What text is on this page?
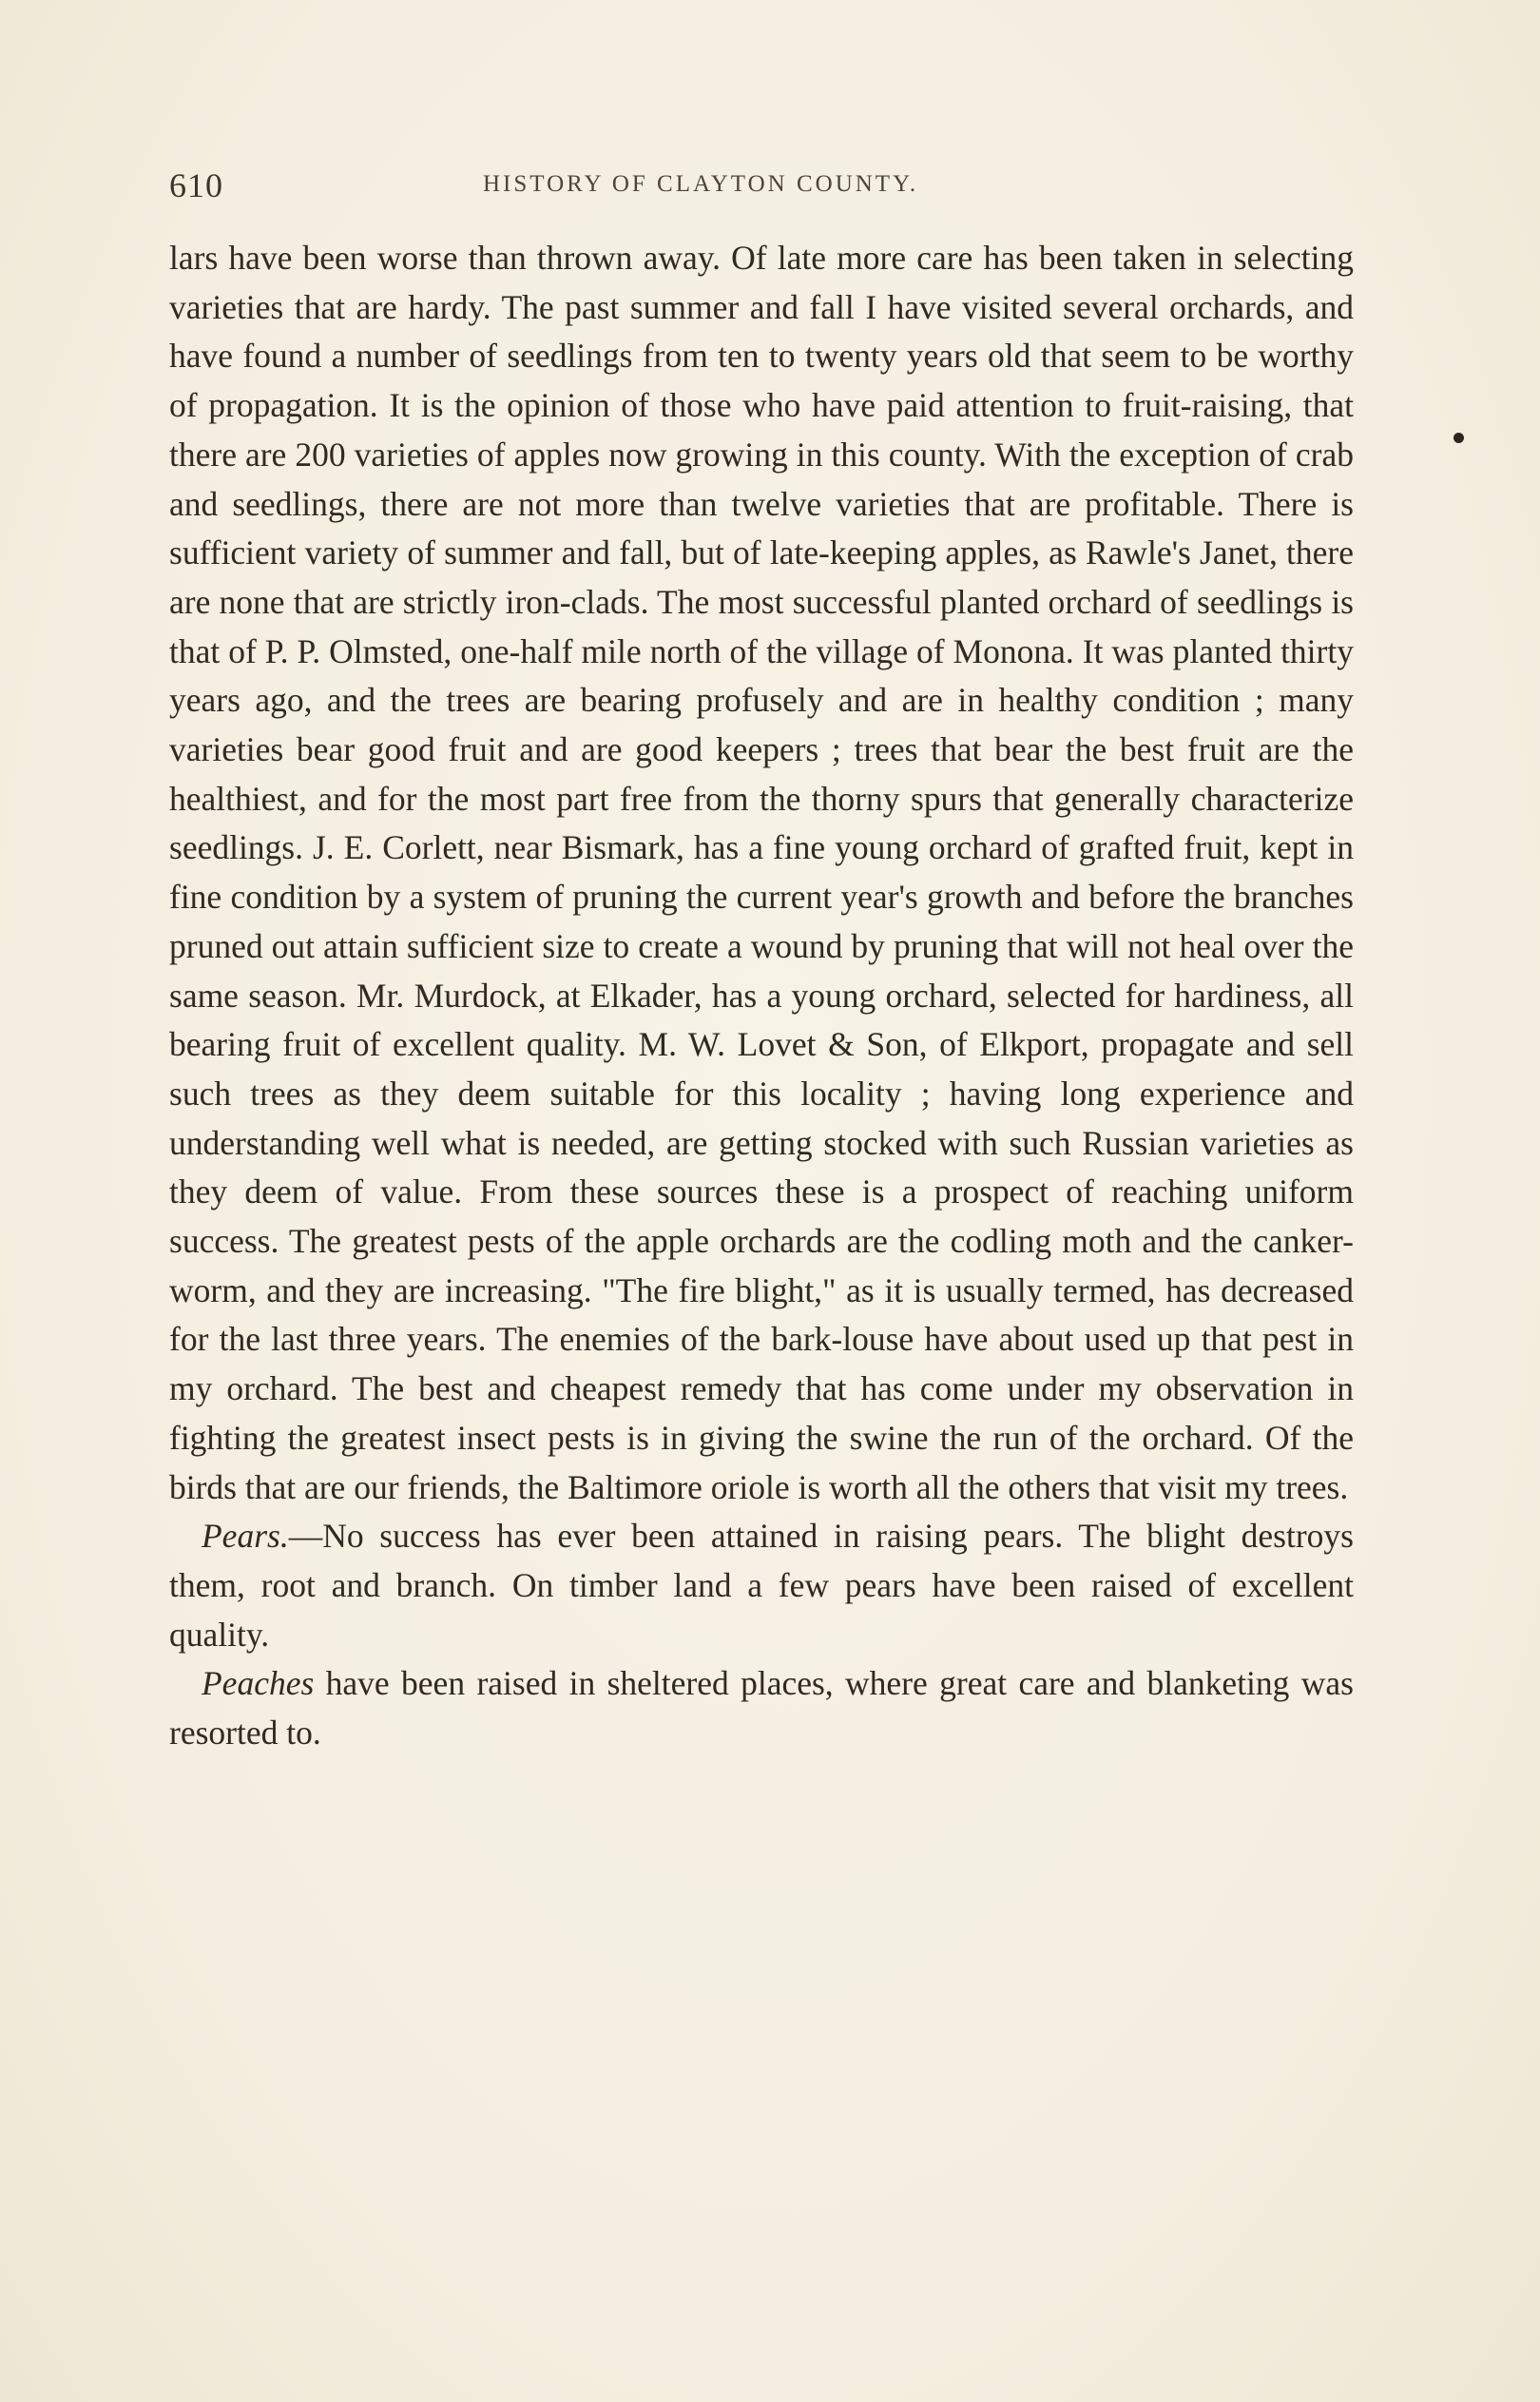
610	HISTORY OF CLAYTON COUNTY.

lars have been worse than thrown away. Of late more care has been taken in selecting varieties that are hardy. The past summer and fall I have visited several orchards, and have found a number of seedlings from ten to twenty years old that seem to be worthy of propagation. It is the opinion of those who have paid attention to fruit-raising, that there are 200 varieties of apples now growing in this county. With the exception of crab and seedlings, there are not more than twelve varieties that are profitable. There is sufficient variety of summer and fall, but of late-keeping apples, as Rawle's Janet, there are none that are strictly iron-clads. The most successful planted orchard of seedlings is that of P. P. Olmsted, one-half mile north of the village of Monona. It was planted thirty years ago, and the trees are bearing profusely and are in healthy condition ; many varieties bear good fruit and are good keepers ; trees that bear the best fruit are the healthiest, and for the most part free from the thorny spurs that generally characterize seedlings. J. E. Corlett, near Bismark, has a fine young orchard of grafted fruit, kept in fine condition by a system of pruning the current year's growth and before the branches pruned out attain sufficient size to create a wound by pruning that will not heal over the same season. Mr. Murdock, at Elkader, has a young orchard, selected for hardiness, all bearing fruit of excellent quality. M. W. Lovet & Son, of Elkport, propagate and sell such trees as they deem suitable for this locality ; having long experience and understanding well what is needed, are getting stocked with such Russian varieties as they deem of value. From these sources these is a prospect of reaching uniform success. The greatest pests of the apple orchards are the codling moth and the canker-worm, and they are increasing. "The fire blight," as it is usually termed, has decreased for the last three years. The enemies of the bark-louse have about used up that pest in my orchard. The best and cheapest remedy that has come under my observation in fighting the greatest insect pests is in giving the swine the run of the orchard. Of the birds that are our friends, the Baltimore oriole is worth all the others that visit my trees.

Pears.—No success has ever been attained in raising pears. The blight destroys them, root and branch. On timber land a few pears have been raised of excellent quality.

Peaches have been raised in sheltered places, where great care and blanketing was resorted to.
